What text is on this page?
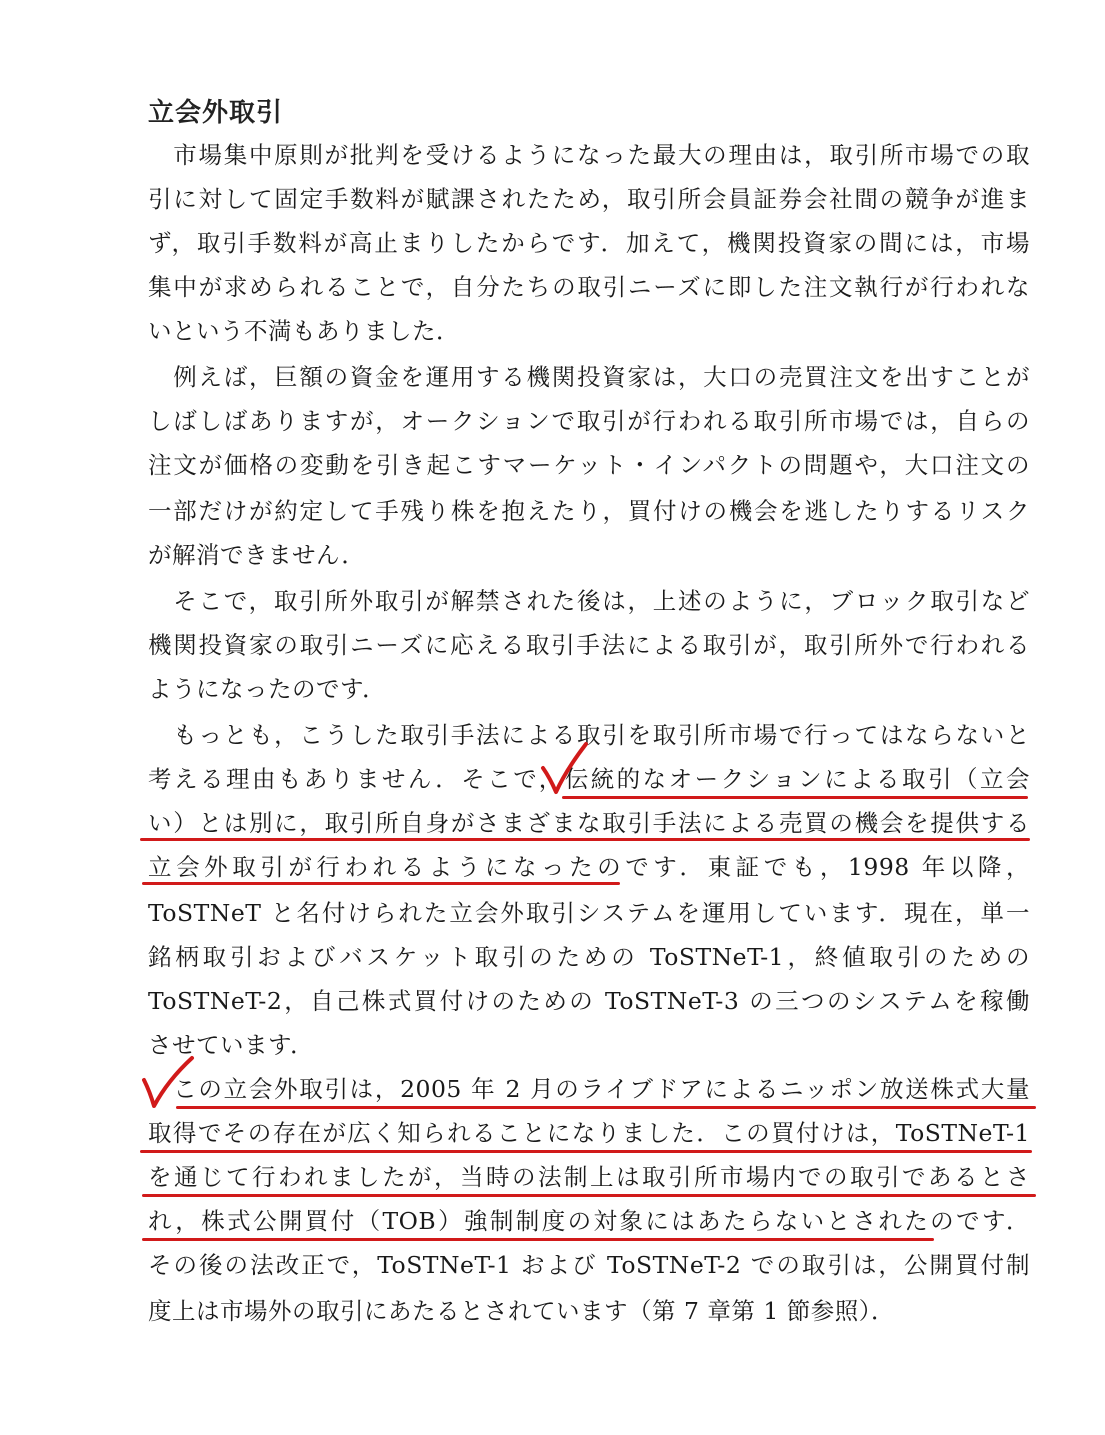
立会外取引
　市場集中原則が批判を受けるようになった最大の理由は，取引所市場での取
引に対して固定手数料が賦課されたため，取引所会員証券会社間の競争が進ま
ず，取引手数料が高止まりしたからです．加えて，機関投資家の間には，市場
集中が求められることで，自分たちの取引ニーズに即した注文執行が行われな
いという不満もありました．
　例えば，巨額の資金を運用する機関投資家は，大口の売買注文を出すことが
しばしばありますが，オークションで取引が行われる取引所市場では，自らの
注文が価格の変動を引き起こすマーケット・インパクトの問題や，大口注文の
一部だけが約定して手残り株を抱えたり，買付けの機会を逃したりするリスク
が解消できません．
　そこで，取引所外取引が解禁された後は，上述のように，ブロック取引など
機関投資家の取引ニーズに応える取引手法による取引が，取引所外で行われる
ようになったのです．
　もっとも，こうした取引手法による取引を取引所市場で行ってはならないと
考える理由もありません．そこで，伝統的なオークションによる取引（立会
い）とは別に，取引所自身がさまざまな取引手法による売買の機会を提供する
立会外取引が行われるようになったのです．東証でも，1998 年以降，
ToSTNeT と名付けられた立会外取引システムを運用しています．現在，単一
銘柄取引およびバスケット取引のための ToSTNeT-1，終値取引のための
ToSTNeT-2，自己株式買付けのための ToSTNeT-3 の三つのシステムを稼働
させています．
　この立会外取引は，2005 年 2 月のライブドアによるニッポン放送株式大量
取得でその存在が広く知られることになりました．この買付けは，ToSTNeT-1
を通じて行われましたが，当時の法制上は取引所市場内での取引であるとさ
れ，株式公開買付（TOB）強制制度の対象にはあたらないとされたのです．
その後の法改正で，ToSTNeT-1 および ToSTNeT-2 での取引は，公開買付制
度上は市場外の取引にあたるとされています（第 7 章第 1 節参照）．
